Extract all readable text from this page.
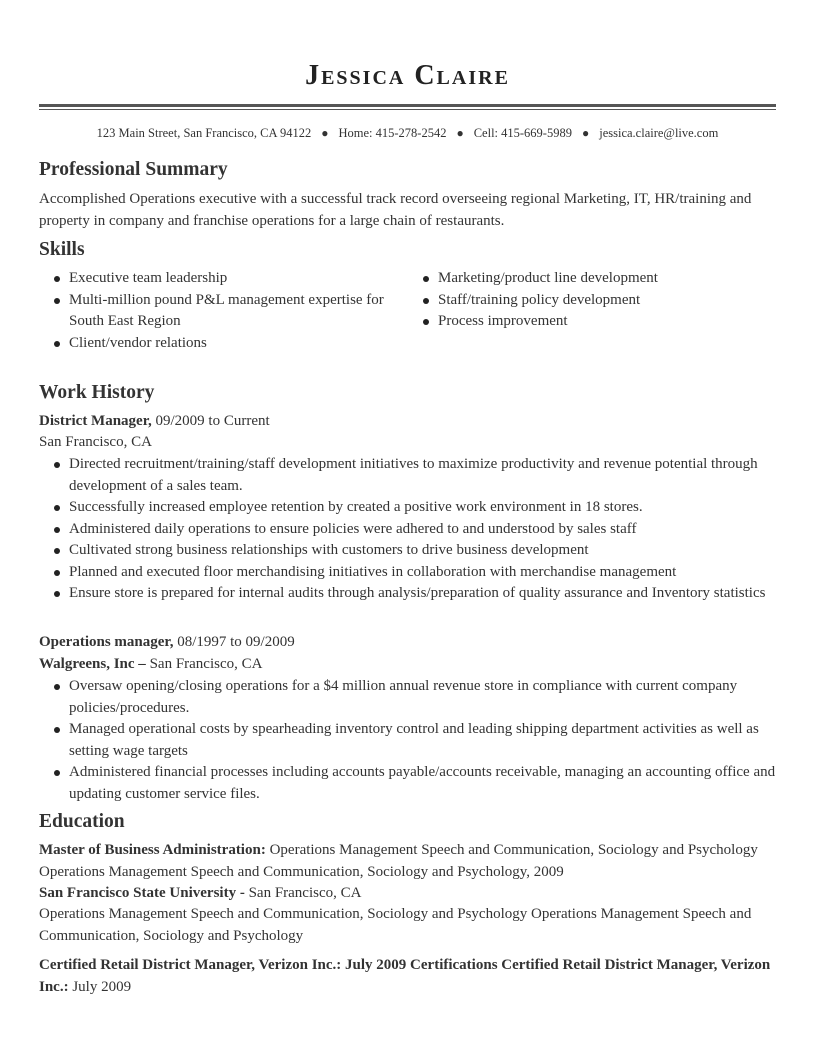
Jessica Claire
123 Main Street, San Francisco, CA 94122 ● Home: 415-278-2542 ● Cell: 415-669-5989 ● jessica.claire@live.com
Professional Summary
Accomplished Operations executive with a successful track record overseeing regional Marketing, IT, HR/training and property in company and franchise operations for a large chain of restaurants.
Skills
Executive team leadership
Multi-million pound P&L management expertise for South East Region
Client/vendor relations
Marketing/product line development
Staff/training policy development
Process improvement
Work History
District Manager, 09/2009 to Current
San Francisco, CA
Directed recruitment/training/staff development initiatives to maximize productivity and revenue potential through development of a sales team.
Successfully increased employee retention by created a positive work environment in 18 stores.
Administered daily operations to ensure policies were adhered to and understood by sales staff
Cultivated strong business relationships with customers to drive business development
Planned and executed floor merchandising initiatives in collaboration with merchandise management
Ensure store is prepared for internal audits through analysis/preparation of quality assurance and Inventory statistics
Operations manager, 08/1997 to 09/2009
Walgreens, Inc – San Francisco, CA
Oversaw opening/closing operations for a $4 million annual revenue store in compliance with current company policies/procedures.
Managed operational costs by spearheading inventory control and leading shipping department activities as well as setting wage targets
Administered financial processes including accounts payable/accounts receivable, managing an accounting office and updating customer service files.
Education
Master of Business Administration: Operations Management Speech and Communication, Sociology and Psychology Operations Management Speech and Communication, Sociology and Psychology, 2009
San Francisco State University - San Francisco, CA
Operations Management Speech and Communication, Sociology and Psychology Operations Management Speech and Communication, Sociology and Psychology
Certified Retail District Manager, Verizon Inc.: July 2009 Certifications Certified Retail District Manager, Verizon Inc.: July 2009
